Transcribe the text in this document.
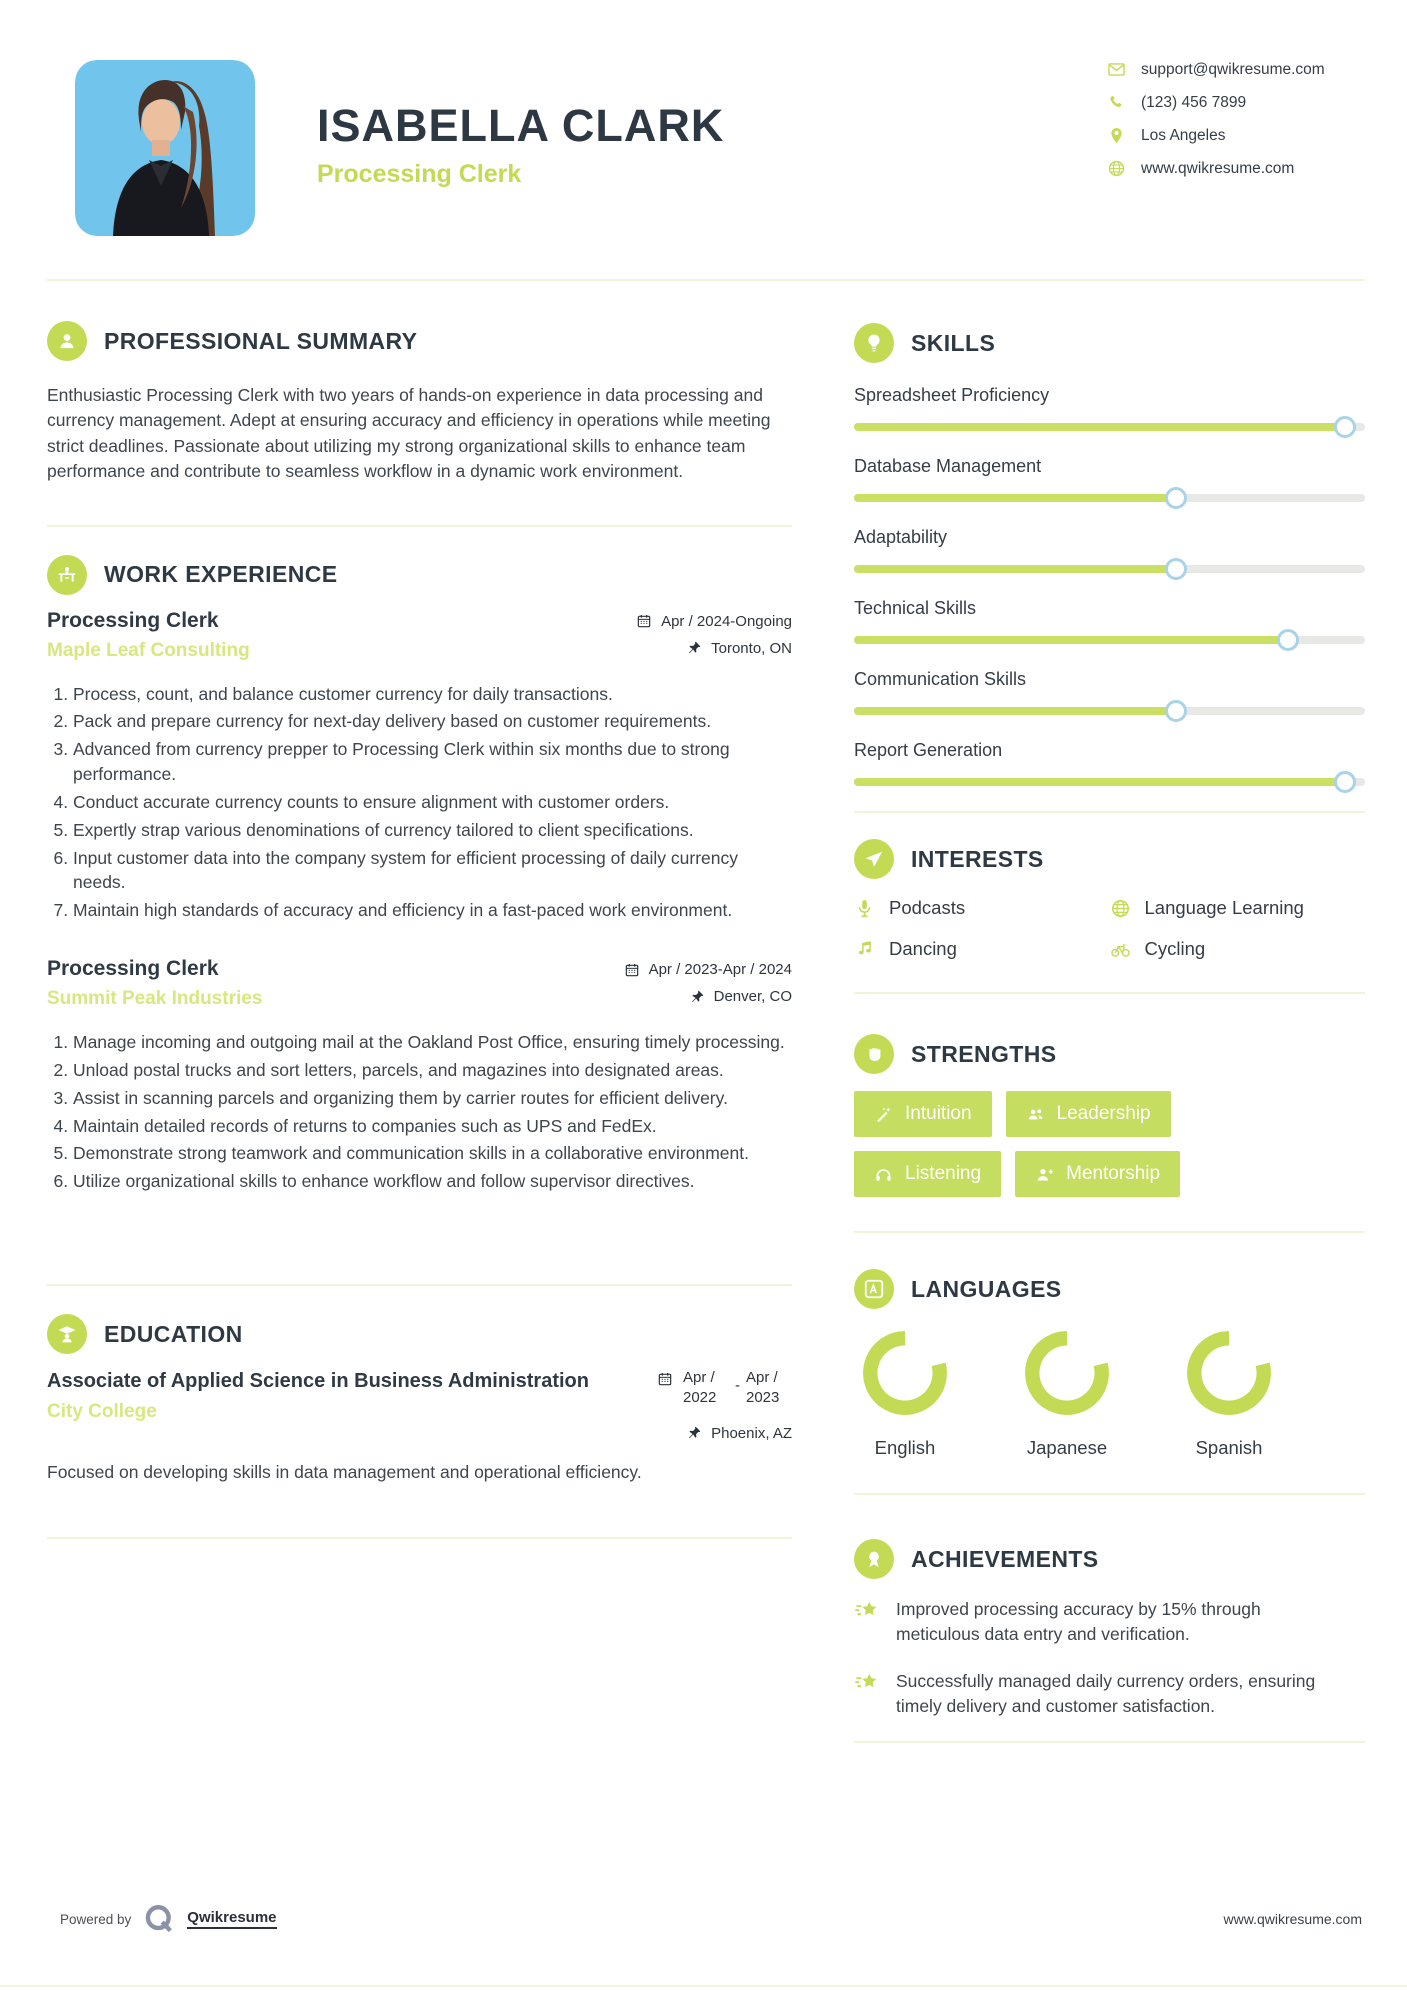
ISABELLA CLARK
Processing Clerk
support@qwikresume.com
(123) 456 7899
Los Angeles
www.qwikresume.com
PROFESSIONAL SUMMARY

Enthusiastic Processing Clerk with two years of hands-on experience in data processing and currency management. Adept at ensuring accuracy and efficiency in operations while meeting strict deadlines. Passionate about utilizing my strong organizational skills to enhance team performance and contribute to seamless workflow in a dynamic work environment.

WORK EXPERIENCE
Processing Clerk
Maple Leaf Consulting
Apr / 2024-Ongoing
Toronto, ON
1. Process, count, and balance customer currency for daily transactions.
2. Pack and prepare currency for next-day delivery based on customer requirements.
3. Advanced from currency prepper to Processing Clerk within six months due to strong performance.
4. Conduct accurate currency counts to ensure alignment with customer orders.
5. Expertly strap various denominations of currency tailored to client specifications.
6. Input customer data into the company system for efficient processing of daily currency needs.
7. Maintain high standards of accuracy and efficiency in a fast-paced work environment.
Processing Clerk
Summit Peak Industries
Apr / 2023-Apr / 2024
Denver, CO
1. Manage incoming and outgoing mail at the Oakland Post Office, ensuring timely processing.
2. Unload postal trucks and sort letters, parcels, and magazines into designated areas.
3. Assist in scanning parcels and organizing them by carrier routes for efficient delivery.
4. Maintain detailed records of returns to companies such as UPS and FedEx.
5. Demonstrate strong teamwork and communication skills in a collaborative environment.
6. Utilize organizational skills to enhance workflow and follow supervisor directives.
EDUCATION
Associate of Applied Science in Business Administration
City College
Apr / 2022
- Apr / 2023
Phoenix, AZ

Focused on developing skills in data management and operational efficiency.

SKILLS
Spreadsheet Proficiency
Database Management
Adaptability
Technical Skills
Communication Skills
Report Generation
INTERESTS
Podcasts	Language Learning
Dancing	Cycling
STRENGTHS
Intuition	Leadership
Listening	Mentorship
LANGUAGES
English	Japanese	Spanish
ACHIEVEMENTS

Improved processing accuracy by 15% through meticulous data entry and verification.

Successfully managed daily currency orders, ensuring timely delivery and customer satisfaction.

Powered by	Qwikresume	www.qwikresume.com
